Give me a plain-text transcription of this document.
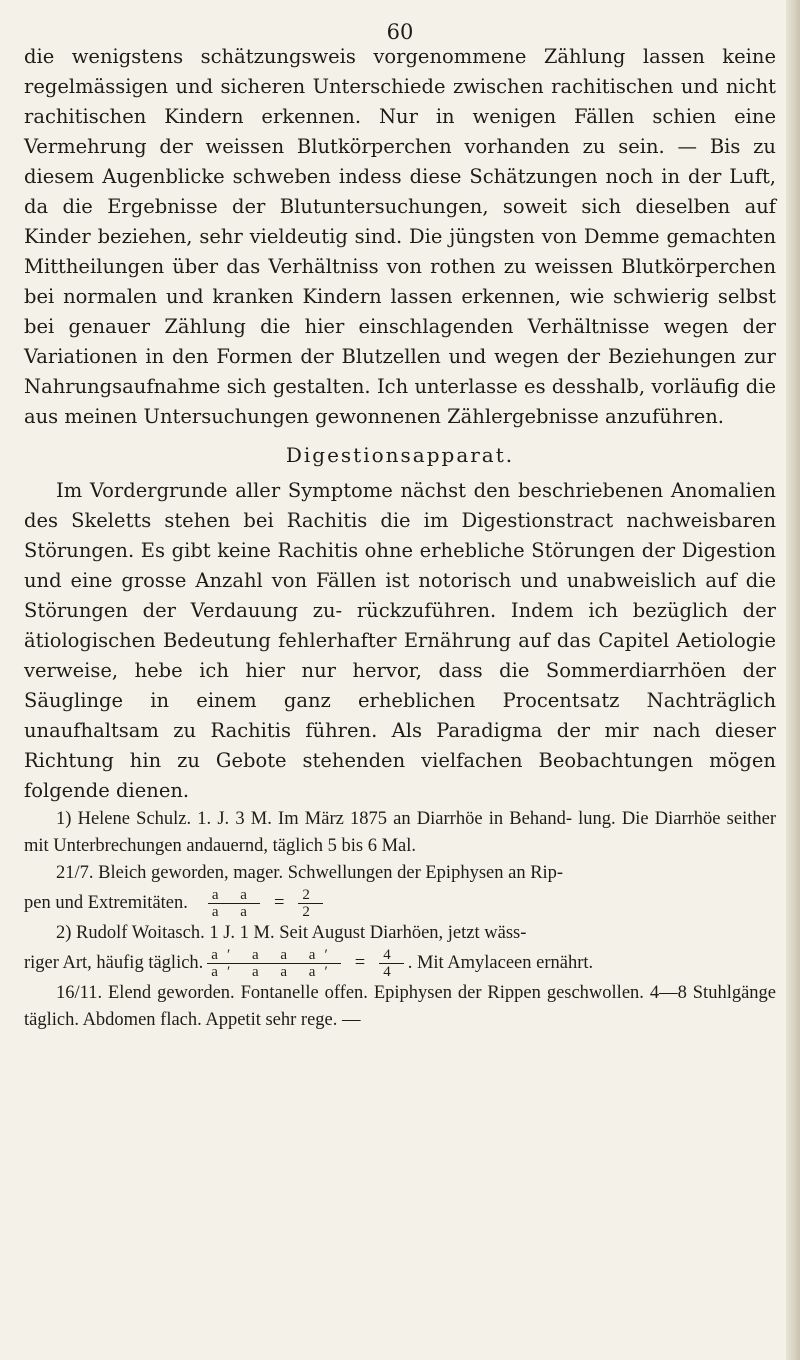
60

die wenigstens schätzungsweis vorgenommene Zählung lassen keine regelmässigen und sicheren Unterschiede zwischen rachitischen und nicht rachitischen Kindern erkennen. Nur in wenigen Fällen schien eine Vermehrung der weissen Blutkörperchen vorhanden zu sein. — Bis zu diesem Augenblicke schweben indess diese Schätzungen noch in der Luft, da die Ergebnisse der Blutuntersuchungen, soweit sich dieselben auf Kinder beziehen, sehr vieldeutig sind. Die jüngsten von Demme gemachten Mittheilungen über das Verhältniss von rothen zu weissen Blutkörperchen bei normalen und kranken Kindern lassen erkennen, wie schwierig selbst bei genauer Zählung die hier einschlagenden Verhältnisse wegen der Variationen in den Formen der Blutzellen und wegen der Beziehungen zur Nahrungsaufnahme sich gestalten. Ich unterlasse es desshalb, vorläufig die aus meinen Untersuchungen gewonnenen Zählergebnisse anzuführen.

Digestionsapparat.

Im Vordergrunde aller Symptome nächst den beschriebenen Anomalien des Skeletts stehen bei Rachitis die im Digestionstract nachweisbaren Störungen. Es gibt keine Rachitis ohne erhebliche Störungen der Digestion und eine grosse Anzahl von Fällen ist notorisch und unabweislich auf die Störungen der Verdauung zu- rückzuführen. Indem ich bezüglich der ätiologischen Bedeutung fehlerhafter Ernährung auf das Capitel Aetiologie verweise, hebe ich hier nur hervor, dass die Sommerdiarrhöen der Säuglinge in einem ganz erheblichen Procentsatz Nachträglich unaufhaltsam zu Rachitis führen. Als Paradigma der mir nach dieser Richtung hin zu Gebote stehenden vielfachen Beobachtungen mögen folgende dienen.

1) Helene Schulz. 1. J. 3 M. Im März 1875 an Diarrhöe in Behand- lung. Die Diarrhöe seither mit Unterbrechungen andauernd, täglich 5 bis 6 Mal.

21/7. Bleich geworden, mager. Schwellungen der Epiphysen an Rip-

pen und Extremitäten. $\frac{\text{a a}}{\text{a a}} = \frac{2}{2}$

2) Rudolf Woitasch. 1 J. 1 M. Seit August Diarhöen, jetzt wäss-

riger Art, häufig täglich. $\frac{\text{a′ a a a′}}{\text{a′ a a a′}} = \frac{4}{4}$ . Mit Amylaceen ernährt.

16/11. Elend geworden. Fontanelle offen. Epiphysen der Rippen geschwollen. 4—8 Stuhlgänge täglich. Abdomen flach. Appetit sehr rege. —
